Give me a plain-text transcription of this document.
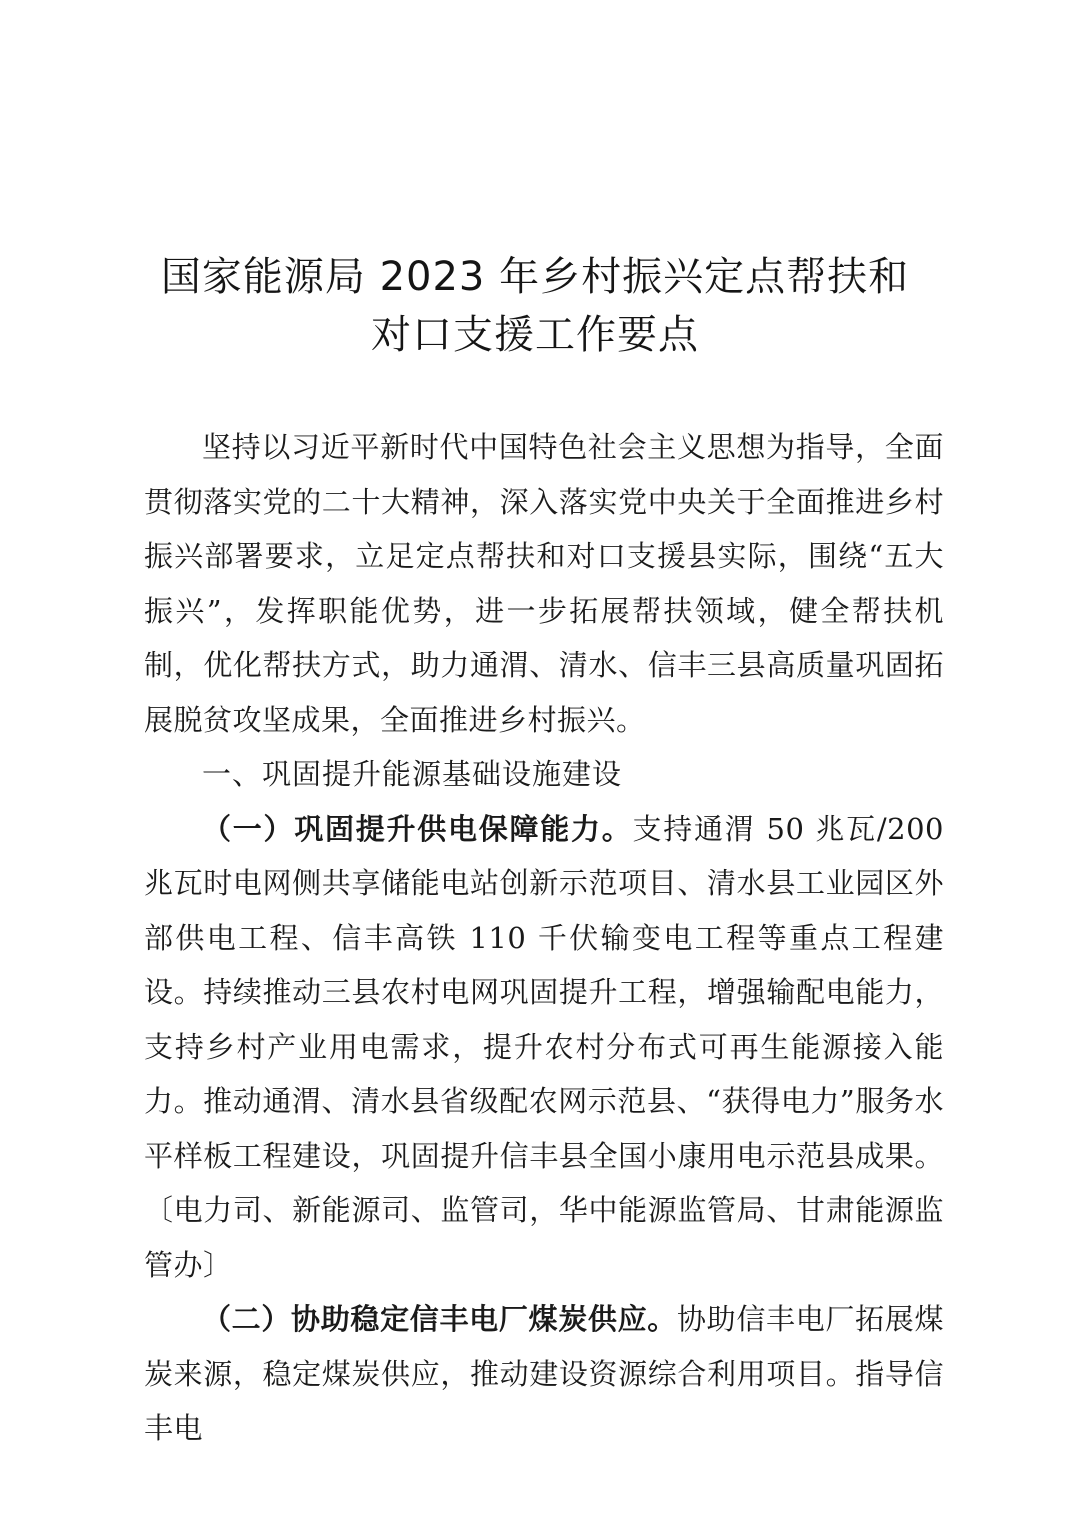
国家能源局 2023 年乡村振兴定点帮扶和
对口支援工作要点

坚持以习近平新时代中国特色社会主义思想为指导，全面贯彻落实党的二十大精神，深入落实党中央关于全面推进乡村振兴部署要求，立足定点帮扶和对口支援县实际，围绕“五大振兴”，发挥职能优势，进一步拓展帮扶领域，健全帮扶机制，优化帮扶方式，助力通渭、清水、信丰三县高质量巩固拓展脱贫攻坚成果，全面推进乡村振兴。

一、巩固提升能源基础设施建设

（一）巩固提升供电保障能力。支持通渭 50 兆瓦/200 兆瓦时电网侧共享储能电站创新示范项目、清水县工业园区外部供电工程、信丰高铁 110 千伏输变电工程等重点工程建设。持续推动三县农村电网巩固提升工程，增强输配电能力，支持乡村产业用电需求，提升农村分布式可再生能源接入能力。推动通渭、清水县省级配农网示范县、“获得电力”服务水平样板工程建设，巩固提升信丰县全国小康用电示范县成果。〔电力司、新能源司、监管司，华中能源监管局、甘肃能源监管办〕

（二）协助稳定信丰电厂煤炭供应。协助信丰电厂拓展煤炭来源，稳定煤炭供应，推动建设资源综合利用项目。指导信丰电
